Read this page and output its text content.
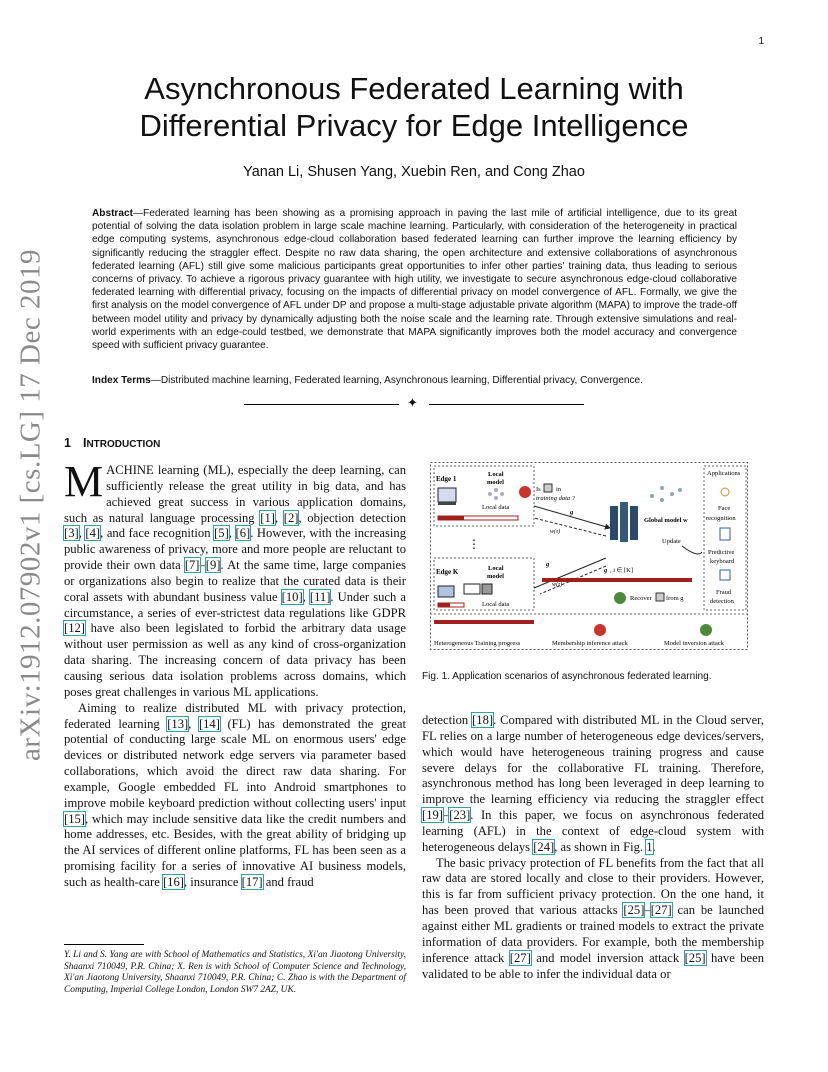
1
arXiv:1912.07902v1 [cs.LG] 17 Dec 2019
Asynchronous Federated Learning with
Differential Privacy for Edge Intelligence
Yanan Li, Shusen Yang, Xuebin Ren, and Cong Zhao

Abstract—Federated learning has been showing as a promising approach in paving the last mile of artificial intelligence, due to its great potential of solving the data isolation problem in large scale machine learning. Particularly, with consideration of the heterogeneity in practical edge computing systems, asynchronous edge-cloud collaboration based federated learning can further improve the learning efficiency by significantly reducing the straggler effect. Despite no raw data sharing, the open architecture and extensive collaborations of asynchronous federated learning (AFL) still give some malicious participants great opportunities to infer other parties' training data, thus leading to serious concerns of privacy. To achieve a rigorous privacy guarantee with high utility, we investigate to secure asynchronous edge-cloud collaborative federated learning with differential privacy, focusing on the impacts of differential privacy on model convergence of AFL. Formally, we give the first analysis on the model convergence of AFL under DP and propose a multi-stage adjustable private algorithm (MAPA) to improve the trade-off between model utility and privacy by dynamically adjusting both the noise scale and the learning rate. Through extensive simulations and real-world experiments with an edge-could testbed, we demonstrate that MAPA significantly improves both the model accuracy and convergence speed with sufficient privacy guarantee.

Index Terms—Distributed machine learning, Federated learning, Asynchronous learning, Differential privacy, Convergence.

✦
1 INTRODUCTION

MACHINE learning (ML), especially the deep learning, can sufficiently release the great utility in big data, and has achieved great success in various application domains, such as natural language processing [1], [2], objection detection [3], [4], and face recognition [5], [6]. However, with the increasing public awareness of privacy, more and more people are reluctant to provide their own data [7]–[9]. At the same time, large companies or organizations also begin to realize that the curated data is their coral assets with abundant business value [10], [11]. Under such a circumstance, a series of ever-strictest data regulations like GDPR [12] have also been legislated to forbid the arbitrary data usage without user permission as well as any kind of cross-organization data sharing. The increasing concern of data privacy has been causing serious data isolation problems across domains, which poses great challenges in various ML applications.

Aiming to realize distributed ML with privacy protection, federated learning [13], [14] (FL) has demonstrated the great potential of conducting large scale ML on enormous users' edge devices or distributed network edge servers via parameter based collaborations, which avoid the direct raw data sharing. For example, Google embedded FL into Android smartphones to improve mobile keyboard prediction without collecting users' input [15], which may include sensitive data like the credit numbers and home addresses, etc. Besides, with the great ability of bridging up the AI services of different online platforms, FL has been seen as a promising facility for a series of innovative AI business models, such as health-care [16], insurance [17] and fraud

Y. Li and S. Yang are with School of Mathematics and Statistics, Xi'an Jiaotong University, Shaanxi 710049, P.R. China; X. Ren is with School of Computer Science and Technology, Xi'an Jiaotong University, Shaanxi 710049, P.R. China; C. Zhao is with the Department of Computing, Imperial College London, London SW7 2AZ, UK.

Edge 1
Local
model
Local data
⋮
Edge K	Local
model
Local data
Is in
training data ?
g
w(τ)
g
w(τ)
Global model w
Update
g , i ∈ [K]
Recover from g
Applications
Face
recognition
Predictive
keyboard
Fraud
detection
Heterogeneous Training progress	Membership inference attack	Model inversion attack

Fig. 1. Application scenarios of asynchronous federated learning.

detection [18]. Compared with distributed ML in the Cloud server, FL relies on a large number of heterogeneous edge devices/servers, which would have heterogeneous training progress and cause severe delays for the collaborative FL training. Therefore, asynchronous method has long been leveraged in deep learning to improve the learning efficiency via reducing the straggler effect [19]–[23]. In this paper, we focus on asynchronous federated learning (AFL) in the context of edge-cloud system with heterogeneous delays [24], as shown in Fig. 1.

The basic privacy protection of FL benefits from the fact that all raw data are stored locally and close to their providers. However, this is far from sufficient privacy protection. On the one hand, it has been proved that various attacks [25]–[27] can be launched against either ML gradients or trained models to extract the private information of data providers. For example, both the membership inference attack [27] and model inversion attack [25] have been validated to be able to infer the individual data or
